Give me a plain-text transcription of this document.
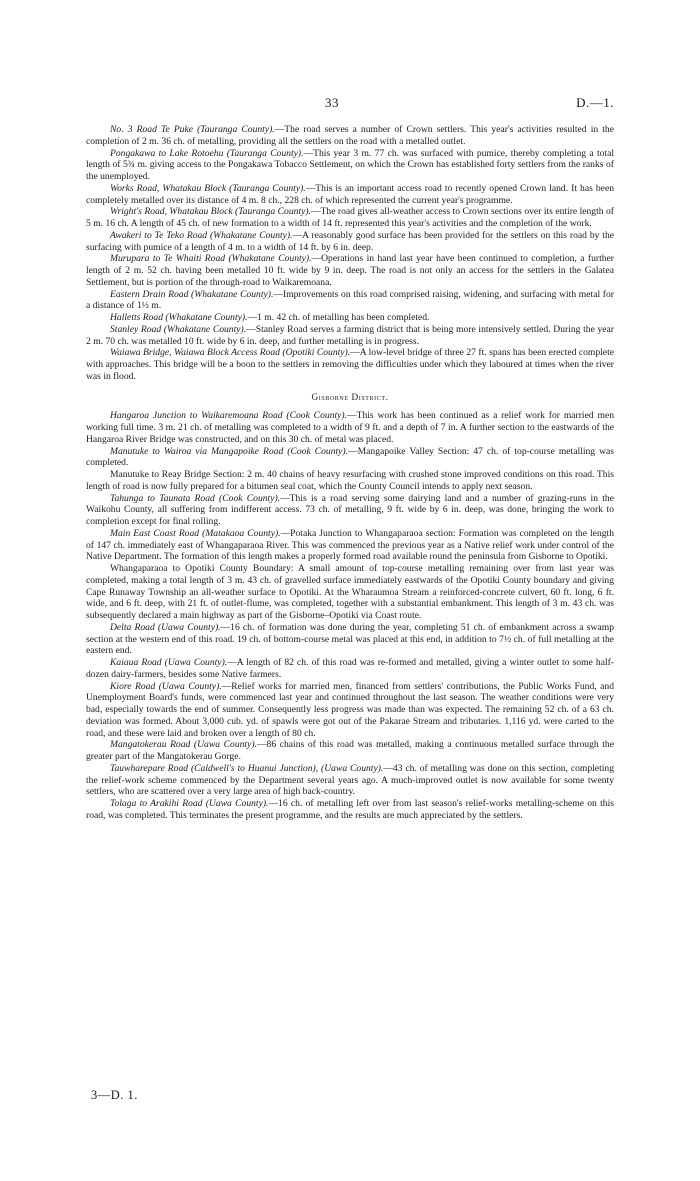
33	D.—1.

No. 3 Road Te Puke (Tauranga County).—The road serves a number of Crown settlers. This year's activities resulted in the completion of 2 m. 36 ch. of metalling, providing all the settlers on the road with a metalled outlet.

Pongakawa to Lake Rotoehu (Tauranga County).—This year 3 m. 77 ch. was surfaced with pumice, thereby completing a total length of 5¾ m. giving access to the Pongakawa Tobacco Settlement, on which the Crown has established forty settlers from the ranks of the unemployed.

Works Road, Whatakau Block (Tauranga County).—This is an important access road to recently opened Crown land. It has been completely metalled over its distance of 4 m. 8 ch., 228 ch. of which represented the current year's programme.

Wright's Road, Whatakau Block (Tauranga County).—The road gives all-weather access to Crown sections over its entire length of 5 m. 16 ch. A length of 45 ch. of new formation to a width of 14 ft. represented this year's activities and the completion of the work.

Awakeri to Te Teko Road (Whakatane County).—A reasonably good surface has been provided for the settlers on this road by the surfacing with pumice of a length of 4 m. to a width of 14 ft. by 6 in. deep.

Murupara to Te Whaiti Road (Whakatane County).—Operations in hand last year have been continued to completion, a further length of 2 m. 52 ch. having been metalled 10 ft. wide by 9 in. deep. The road is not only an access for the settlers in the Galatea Settlement, but is portion of the through-road to Waikaremoana.

Eastern Drain Road (Whakatane County).—Improvements on this road comprised raising, widening, and surfacing with metal for a distance of 1½ m.

Halletts Road (Whakatane County).—1 m. 42 ch. of metalling has been completed.

Stanley Road (Whakatane County).—Stanley Road serves a farming district that is being more intensively settled. During the year 2 m. 70 ch. was metalled 10 ft. wide by 6 in. deep, and further metalling is in progress.

Waiawa Bridge, Waiawa Block Access Road (Opotiki County).—A low-level bridge of three 27 ft. spans has been erected complete with approaches. This bridge will be a boon to the settlers in removing the difficulties under which they laboured at times when the river was in flood.

Gisborne District.

Hangaroa Junction to Waikaremoana Road (Cook County).—This work has been continued as a relief work for married men working full time. 3 m. 21 ch. of metalling was completed to a width of 9 ft. and a depth of 7 in. A further section to the eastwards of the Hangaroa River Bridge was constructed, and on this 30 ch. of metal was placed.

Manutuke to Wairoa via Mangapoike Road (Cook County).—Mangapoike Valley Section: 47 ch. of top-course metalling was completed.

Manutuke to Reay Bridge Section: 2 m. 40 chains of heavy resurfacing with crushed stone improved conditions on this road. This length of road is now fully prepared for a bitumen seal coat, which the County Council intends to apply next season.

Tahunga to Taunata Road (Cook County).—This is a road serving some dairying land and a number of grazing-runs in the Waikohu County, all suffering from indifferent access. 73 ch. of metalling, 9 ft. wide by 6 in. deep, was done, bringing the work to completion except for final rolling.

Main East Coast Road (Matakaoa County).—Potaka Junction to Whangaparaoa section: Formation was completed on the length of 147 ch. immediately east of Whangaparaoa River. This was commenced the previous year as a Native relief work under control of the Native Department. The formation of this length makes a properly formed road available round the peninsula from Gisborne to Opotiki.

Whangaparaoa to Opotiki County Boundary: A small amount of top-course metalling remaining over from last year was completed, making a total length of 3 m. 43 ch. of gravelled surface immediately eastwards of the Opotiki County boundary and giving Cape Runaway Township an all-weather surface to Opotiki. At the Wharaumoa Stream a reinforced-concrete culvert, 60 ft. long, 6 ft. wide, and 6 ft. deep, with 21 ft. of outlet-flume, was completed, together with a substantial embankment. This length of 3 m. 43 ch. was subsequently declared a main highway as part of the Gisborne–Opotiki via Coast route.

Delta Road (Uawa County).—16 ch. of formation was done during the year, completing 51 ch. of embankment across a swamp section at the western end of this road. 19 ch. of bottom-course metal was placed at this end, in addition to 7½ ch. of full metalling at the eastern end.

Kaiaua Road (Uawa County).—A length of 82 ch. of this road was re-formed and metalled, giving a winter outlet to some half-dozen dairy-farmers, besides some Native farmers.

Kiore Road (Uawa County).—Relief works for married men, financed from settlers' contributions, the Public Works Fund, and Unemployment Board's funds, were commenced last year and continued throughout the last season. The weather conditions were very bad, especially towards the end of summer. Consequently less progress was made than was expected. The remaining 52 ch. of a 63 ch. deviation was formed. About 3,000 cub. yd. of spawls were got out of the Pakarae Stream and tributaries. 1,116 yd. were carted to the road, and these were laid and broken over a length of 80 ch.

Mangatokerau Road (Uawa County).—86 chains of this road was metalled, making a continuous metalled surface through the greater part of the Mangatokerau Gorge.

Tauwharepare Road (Caldwell's to Huanui Junction), (Uawa County).—43 ch. of metalling was done on this section, completing the relief-work scheme commenced by the Department several years ago. A much-improved outlet is now available for some twenty settlers, who are scattered over a very large area of high back-country.

Tolaga to Arakihi Road (Uawa County).—16 ch. of metalling left over from last season's relief-works metalling-scheme on this road, was completed. This terminates the present programme, and the results are much appreciated by the settlers.

3—D. 1.
